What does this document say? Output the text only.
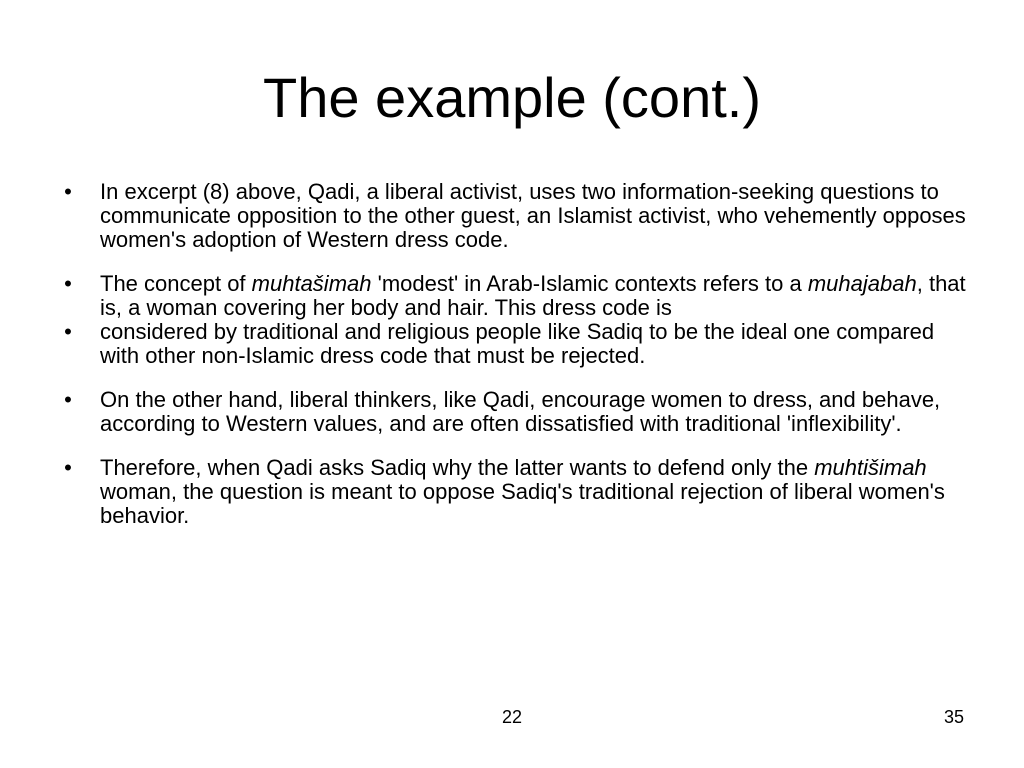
The example (cont.)
• In excerpt (8) above, Qadi, a liberal activist, uses two information-seeking questions to communicate opposition to the other guest, an Islamist activist, who vehemently opposes women's adoption of Western dress code.
• The concept of muhtašimah 'modest' in Arab-Islamic contexts refers to a muhajabah, that is, a woman covering her body and hair. This dress code is
• considered by traditional and religious people like Sadiq to be the ideal one compared with other non-Islamic dress code that must be rejected.
• On the other hand, liberal thinkers, like Qadi, encourage women to dress, and behave, according to Western values, and are often dissatisfied with traditional 'inflexibility'.
• Therefore, when Qadi asks Sadiq why the latter wants to defend only the muhtišimah woman, the question is meant to oppose Sadiq's traditional rejection of liberal women's behavior.
22	35
